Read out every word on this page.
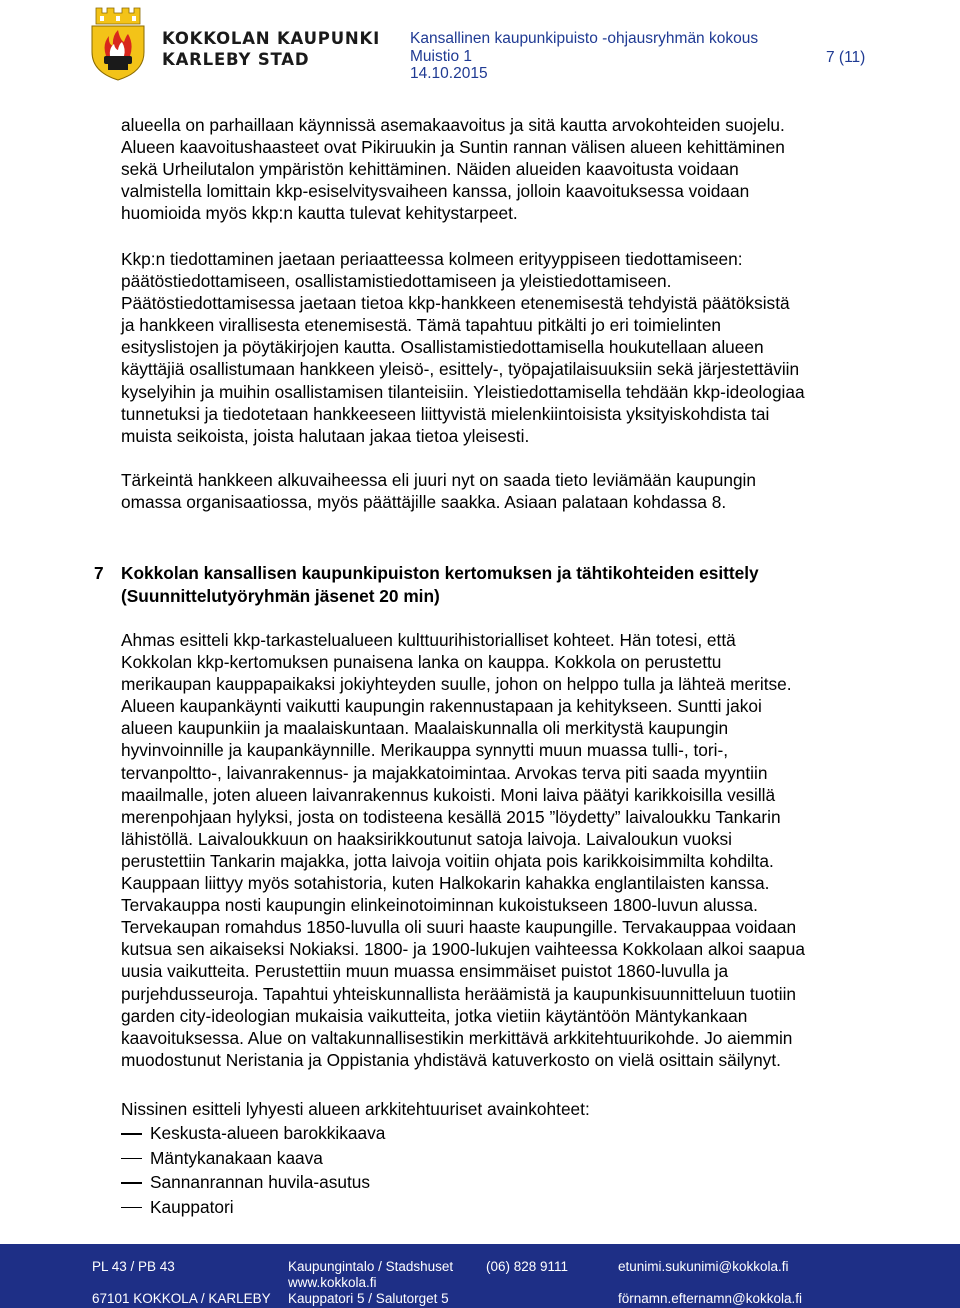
KOKKOLAN KAUPUNKI
KARLEBY STAD
Kansallinen kaupunkipuisto -ohjausryhmän kokous
Muistio 1
14.10.2015
7 (11)

alueella on parhaillaan käynnissä asemakaavoitus ja sitä kautta arvokohteiden suojelu.

Alueen kaavoitushaasteet ovat Pikiruukin ja Suntin rannan välisen alueen kehittäminen

sekä Urheilutalon ympäristön kehittäminen. Näiden alueiden kaavoitusta voidaan

valmistella lomittain kkp-esiselvitysvaiheen kanssa, jolloin kaavoituksessa voidaan

huomioida myös kkp:n kautta tulevat kehitystarpeet.

Kkp:n tiedottaminen jaetaan periaatteessa kolmeen erityyppiseen tiedottamiseen:

päätöstiedottamiseen, osallistamistiedottamiseen ja yleistiedottamiseen.

Päätöstiedottamisessa jaetaan tietoa kkp-hankkeen etenemisestä tehdyistä päätöksistä

ja hankkeen virallisesta etenemisestä. Tämä tapahtuu pitkälti jo eri toimielinten

esityslistojen ja pöytäkirjojen kautta. Osallistamistiedottamisella houkutellaan alueen

käyttäjiä osallistumaan hankkeen yleisö-, esittely-, työpajatilaisuuksiin sekä järjestettäviin

kyselyihin ja muihin osallistamisen tilanteisiin. Yleistiedottamisella tehdään kkp-ideologiaa

tunnetuksi ja tiedotetaan hankkeeseen liittyvistä mielenkiintoisista yksityiskohdista tai

muista seikoista, joista halutaan jakaa tietoa yleisesti.

Tärkeintä hankkeen alkuvaiheessa eli juuri nyt on saada tieto leviämään kaupungin

omassa organisaatiossa, myös päättäjille saakka. Asiaan palataan kohdassa 8.

7 Kokkolan kansallisen kaupunkipuiston kertomuksen ja tähtikohteiden esittely
(Suunnittelutyöryhmän jäsenet 20 min)

Ahmas esitteli kkp-tarkastelualueen kulttuurihistorialliset kohteet. Hän totesi, että

Kokkolan kkp-kertomuksen punaisena lanka on kauppa. Kokkola on perustettu

merikaupan kauppapaikaksi jokiyhteyden suulle, johon on helppo tulla ja lähteä meritse.

Alueen kaupankäynti vaikutti kaupungin rakennustapaan ja kehitykseen. Suntti jakoi

alueen kaupunkiin ja maalaiskuntaan. Maalaiskunnalla oli merkitystä kaupungin

hyvinvoinnille ja kaupankäynnille. Merikauppa synnytti muun muassa tulli-, tori-,

tervanpoltto-, laivanrakennus- ja majakkatoimintaa. Arvokas terva piti saada myyntiin

maailmalle, joten alueen laivanrakennus kukoisti. Moni laiva päätyi karikkoisilla vesillä

merenpohjaan hylyksi, josta on todisteena kesällä 2015 ”löydetty” laivaloukku Tankarin

lähistöllä. Laivaloukkuun on haaksirikkoutunut satoja laivoja. Laivaloukun vuoksi

perustettiin Tankarin majakka, jotta laivoja voitiin ohjata pois karikkoisimmilta kohdilta.

Kauppaan liittyy myös sotahistoria, kuten Halkokarin kahakka englantilaisten kanssa.

Tervakauppa nosti kaupungin elinkeinotoiminnan kukoistukseen 1800-luvun alussa.

Tervekaupan romahdus 1850-luvulla oli suuri haaste kaupungille. Tervakauppaa voidaan

kutsua sen aikaiseksi Nokiaksi. 1800- ja 1900-lukujen vaihteessa Kokkolaan alkoi saapua

uusia vaikutteita. Perustettiin muun muassa ensimmäiset puistot 1860-luvulla ja

purjehdusseuroja. Tapahtui yhteiskunnallista heräämistä ja kaupunkisuunnitteluun tuotiin

garden city-ideologian mukaisia vaikutteita, jotka vietiin käytäntöön Mäntykankaan

kaavoituksessa. Alue on valtakunnallisestikin merkittävä arkkitehtuurikohde. Jo aiemmin

muodostunut Neristania ja Oppistania yhdistävä katuverkosto on vielä osittain säilynyt.

Nissinen esitteli lyhyesti alueen arkkitehtuuriset avainkohteet:

Keskusta-alueen barokkikaava
Mäntykanakaan kaava
Sannanrannan huvila-asutus
Kauppatori
PL 43 / PB 43
67101 KOKKOLA / KARLEBY
Kaupungintalo / Stadshuset
www.kokkola.fi
Kauppatori 5 / Salutorget 5
(06) 828 9111	etunimi.sukunimi@kokkola.fi
förnamn.efternamn@kokkola.fi
